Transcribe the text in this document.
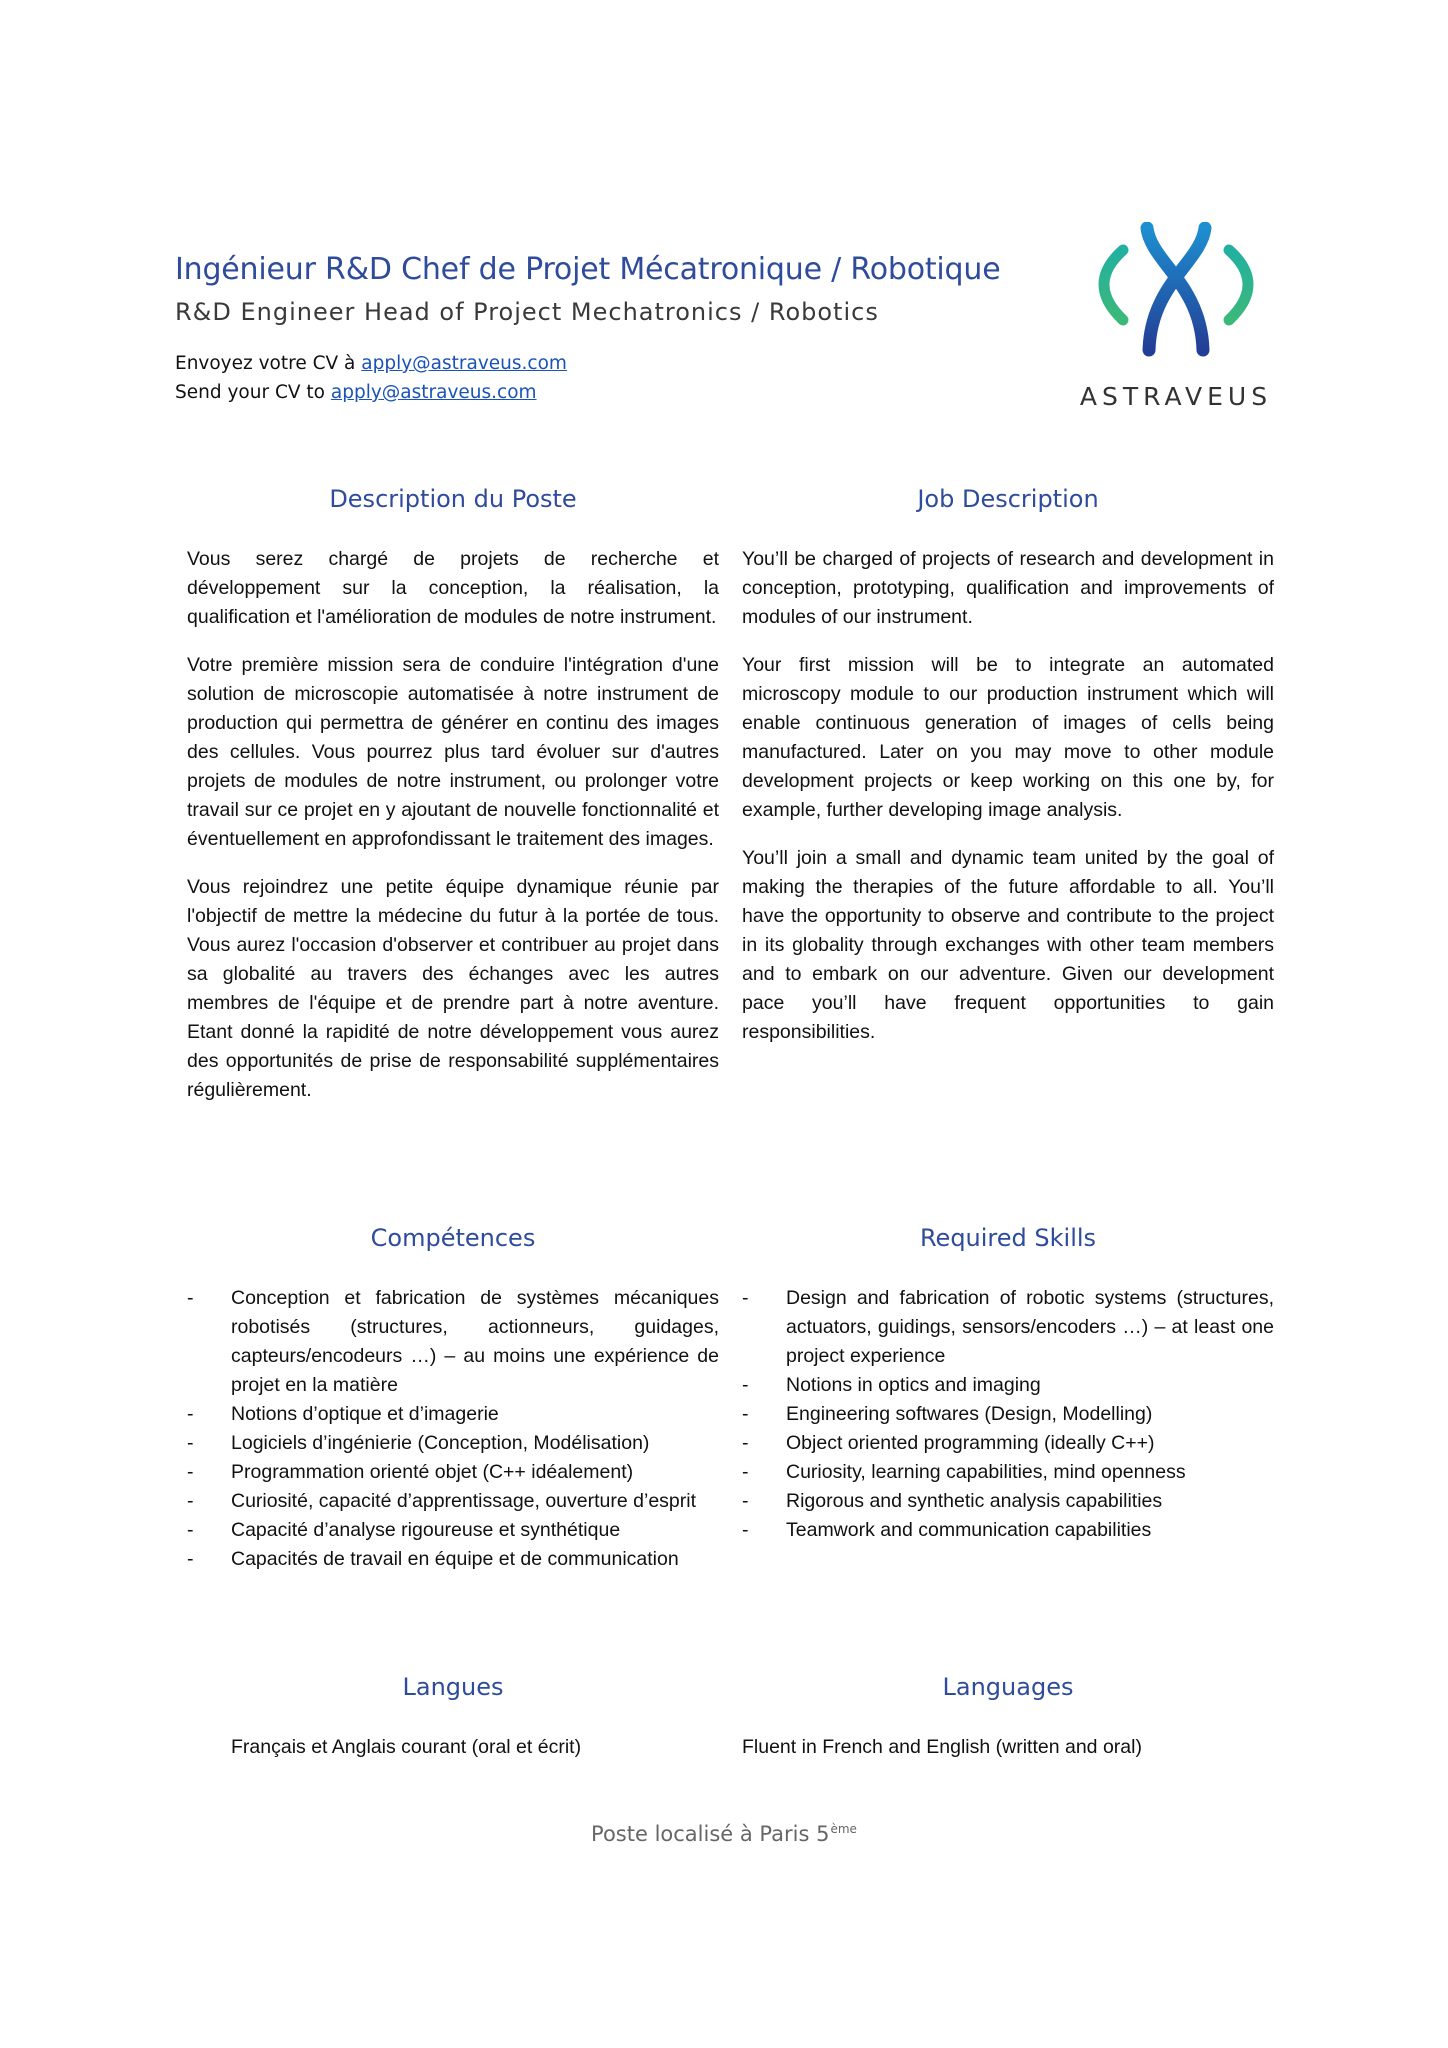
Ingénieur R&D Chef de Projet Mécatronique / Robotique
R&D Engineer Head of Project Mechatronics / Robotics
Envoyez votre CV à apply@astraveus.com
Send your CV to apply@astraveus.com	ASTRAVEUS
Description du Poste	Job Description

Vous serez chargé de projets de recherche et développement sur la conception, la réalisation, la qualification et l'amélioration de modules de notre instrument.

Votre première mission sera de conduire l'intégration d'une solution de microscopie automatisée à notre instrument de production qui permettra de générer en continu des images des cellules. Vous pourrez plus tard évoluer sur d'autres projets de modules de notre instrument, ou prolonger votre travail sur ce projet en y ajoutant de nouvelle fonctionnalité et éventuellement en approfondissant le traitement des images.

Vous rejoindrez une petite équipe dynamique réunie par l'objectif de mettre la médecine du futur à la portée de tous. Vous aurez l'occasion d'observer et contribuer au projet dans sa globalité au travers des échanges avec les autres membres de l'équipe et de prendre part à notre aventure. Etant donné la rapidité de notre développement vous aurez des opportunités de prise de responsabilité supplémentaires régulièrement.

You’ll be charged of projects of research and development in conception, prototyping, qualification and improvements of modules of our instrument.

Your first mission will be to integrate an automated microscopy module to our production instrument which will enable continuous generation of images of cells being manufactured. Later on you may move to other module development projects or keep working on this one by, for example, further developing image analysis.

You’ll join a small and dynamic team united by the goal of making the therapies of the future affordable to all. You’ll have the opportunity to observe and contribute to the project in its globality through exchanges with other team members and to embark on our adventure. Given our development pace you’ll have frequent opportunities to gain responsibilities.

Compétences	Required Skills
- Conception et fabrication de systèmes mécaniques robotisés (structures, actionneurs, guidages, capteurs/encodeurs …) – au moins une expérience de projet en la matière
- Notions d’optique et d’imagerie
- Logiciels d’ingénierie (Conception, Modélisation)
- Programmation orienté objet (C++ idéalement)
- Curiosité, capacité d’apprentissage, ouverture d’esprit
- Capacité d’analyse rigoureuse et synthétique
- Capacités de travail en équipe et de communication
- Design and fabrication of robotic systems (structures, actuators, guidings, sensors/encoders …) – at least one project experience
- Notions in optics and imaging
- Engineering softwares (Design, Modelling)
- Object oriented programming (ideally C++)
- Curiosity, learning capabilities, mind openness
- Rigorous and synthetic analysis capabilities
- Teamwork and communication capabilities
Langues	Languages
Français et Anglais courant (oral et écrit)	Fluent in French and English (written and oral)
Poste localisé à Paris 5ème
